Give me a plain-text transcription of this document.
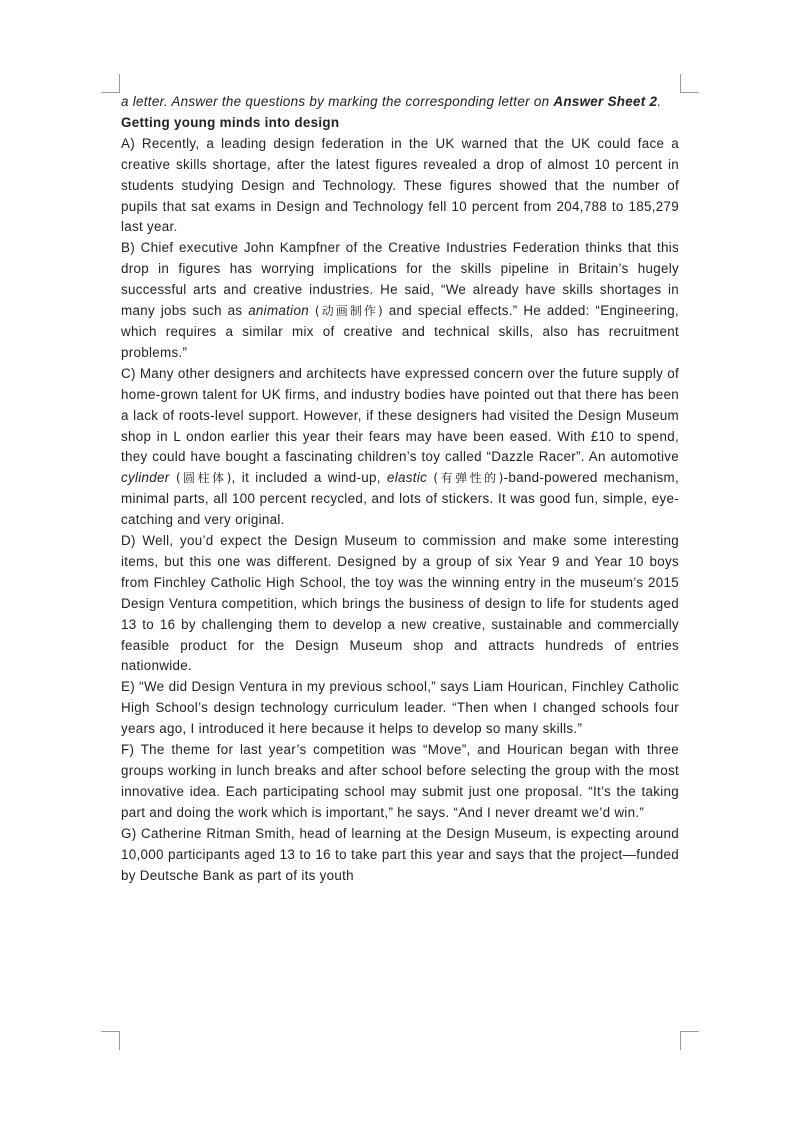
a letter. Answer the questions by marking the corresponding letter on Answer Sheet 2.

Getting young minds into design

A) Recently, a leading design federation in the UK warned that the UK could face a creative skills shortage, after the latest figures revealed a drop of almost 10 percent in students studying Design and Technology. These figures showed that the number of pupils that sat exams in Design and Technology fell 10 percent from 204,788 to 185,279 last year.

B) Chief executive John Kampfner of the Creative Industries Federation thinks that this drop in figures has worrying implications for the skills pipeline in Britain’s hugely successful arts and creative industries. He said, “We already have skills shortages in many jobs such as animation (动画制作) and special effects.” He added: “Engineering, which requires a similar mix of creative and technical skills, also has recruitment problems.”

C) Many other designers and architects have expressed concern over the future supply of home-grown talent for UK firms, and industry bodies have pointed out that there has been a lack of roots-level support. However, if these designers had visited the Design Museum shop in L ondon earlier this year their fears may have been eased. With £10 to spend, they could have bought a fascinating children’s toy called “Dazzle Racer”. An automotive cylinder (圆柱体), it included a wind-up, elastic (有弹性的)-band-powered mechanism, minimal parts, all 100 percent recycled, and lots of stickers. It was good fun, simple, eye-catching and very original.

D) Well, you’d expect the Design Museum to commission and make some interesting items, but this one was different. Designed by a group of six Year 9 and Year 10 boys from Finchley Catholic High School, the toy was the winning entry in the museum’s 2015 Design Ventura competition, which brings the business of design to life for students aged 13 to 16 by challenging them to develop a new creative, sustainable and commercially feasible product for the Design Museum shop and attracts hundreds of entries nationwide.

E) “We did Design Ventura in my previous school,” says Liam Hourican, Finchley Catholic High School’s design technology curriculum leader. “Then when I changed schools four years ago, I introduced it here because it helps to develop so many skills.”

F) The theme for last year’s competition was “Move”, and Hourican began with three groups working in lunch breaks and after school before selecting the group with the most innovative idea. Each participating school may submit just one proposal. “It’s the taking part and doing the work which is important,” he says. “And I never dreamt we’d win.”

G) Catherine Ritman Smith, head of learning at the Design Museum, is expecting around 10,000 participants aged 13 to 16 to take part this year and says that the project—funded by Deutsche Bank as part of its youth
